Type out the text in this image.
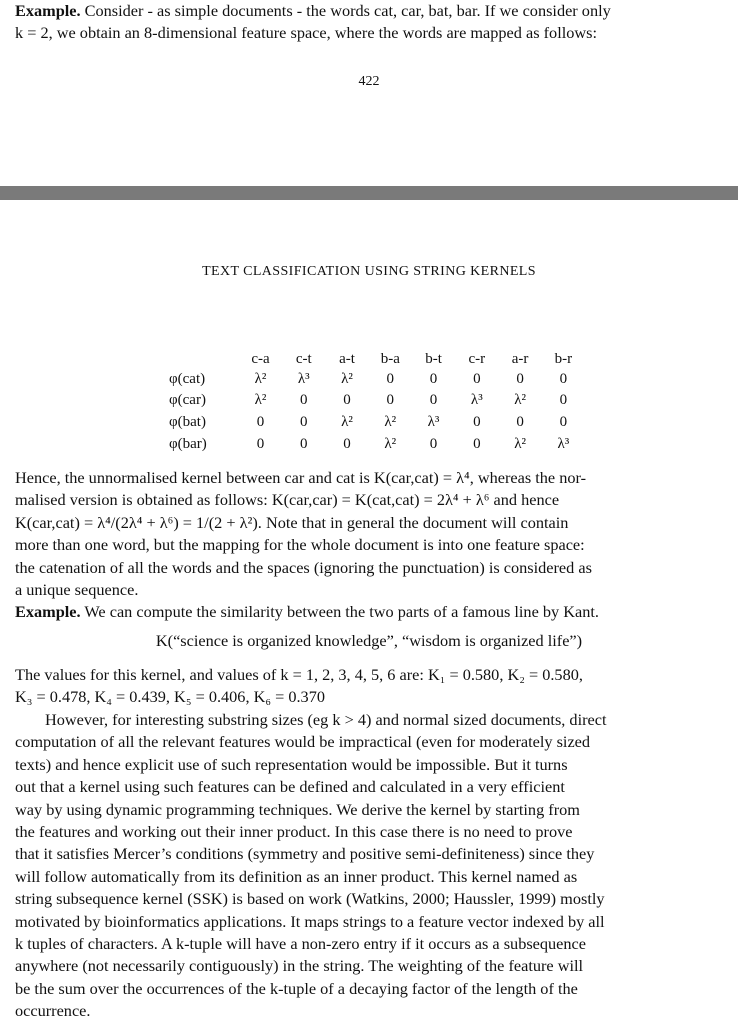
Example. Consider - as simple documents - the words cat, car, bat, bar. If we consider only
k = 2, we obtain an 8-dimensional feature space, where the words are mapped as follows:
422
TEXT CLASSIFICATION USING STRING KERNELS
	c-a	c-t	a-t	b-a	b-t	c-r	a-r	b-r
φ(cat)	λ²	λ³	λ²	0	0	0	0	0
φ(car)	λ²	0	0	0	0	λ³	λ²	0
φ(bat)	0	0	λ²	λ²	λ³	0	0	0
φ(bar)	0	0	0	λ²	0	0	λ²	λ³
Hence, the unnormalised kernel between car and cat is K(car,cat) = λ⁴, whereas the nor-
malised version is obtained as follows: K(car,car) = K(cat,cat) = 2λ⁴ + λ⁶ and hence
K(car,cat) = λ⁴/(2λ⁴ + λ⁶) = 1/(2 + λ²). Note that in general the document will contain
more than one word, but the mapping for the whole document is into one feature space:
the catenation of all the words and the spaces (ignoring the punctuation) is considered as
a unique sequence.
Example. We can compute the similarity between the two parts of a famous line by Kant.
K(“science is organized knowledge”, “wisdom is organized life”)
The values for this kernel, and values of k = 1, 2, 3, 4, 5, 6 are: K₁ = 0.580, K₂ = 0.580,
K₃ = 0.478, K₄ = 0.439, K₅ = 0.406, K₆ = 0.370
However, for interesting substring sizes (eg k > 4) and normal sized documents, direct
computation of all the relevant features would be impractical (even for moderately sized
texts) and hence explicit use of such representation would be impossible. But it turns
out that a kernel using such features can be defined and calculated in a very efficient
way by using dynamic programming techniques. We derive the kernel by starting from
the features and working out their inner product. In this case there is no need to prove
that it satisfies Mercer’s conditions (symmetry and positive semi-definiteness) since they
will follow automatically from its definition as an inner product. This kernel named as
string subsequence kernel (SSK) is based on work (Watkins, 2000; Haussler, 1999) mostly
motivated by bioinformatics applications. It maps strings to a feature vector indexed by all
k tuples of characters. A k-tuple will have a non-zero entry if it occurs as a subsequence
anywhere (not necessarily contiguously) in the string. The weighting of the feature will
be the sum over the occurrences of the k-tuple of a decaying factor of the length of the
occurrence.
